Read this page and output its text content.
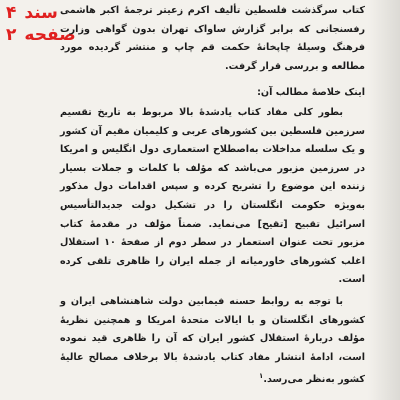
سند۴
صفحه۲
کتاب سرگذشت فلسطین تألیف اکرم زعیتر ترجمهٔ اکبر هاشمی رفسنجانی که برابر گزارش ساواک تهران بدون گواهی وزارت فرهنگ وسیلهٔ چاپخانهٔ حکمت قم چاپ و منتشر گردیده مورد مطالعه و بررسی قرار گرفت.
اینک خلاصهٔ مطالب آن:
بطور کلی مفاد کتاب یادشدهٔ بالا مربوط به تاریخ تقسیم سرزمین فلسطین بین کشورهای عربی و کلیمیان مقیم آن کشور و یک سلسله مداخلات به‌اصطلاح استعماری دول انگلیس و امریکا در سرزمین مزبور می‌باشد که مؤلف با کلمات و جملات بسیار زننده این موضوع را تشریح کرده و سپس اقدامات دول مذکور به‌ویژه حکومت انگلستان را در تشکیل دولت جدیدالتأسیس اسرائیل تقبیح [تقیح] می‌نماید. ضمناً مؤلف در مقدمهٔ کتاب مزبور تحت عنوان استعمار در سطر دوم از صفحهٔ ۱۰ استقلال اغلب کشورهای خاورمیانه از جمله ایران را ظاهری تلقی کرده است.
با توجه به روابط حسنه فیمابین دولت شاهنشاهی ایران و کشورهای انگلستان و با ایالات متحدهٔ امریکا و همچنین نظریهٔ مؤلف دربارهٔ استقلال کشور ایران که آن را ظاهری قید نموده است، ادامهٔ انتشار مفاد کتاب یادشدهٔ بالا برخلاف مصالح عالیهٔ کشور به‌نظر می‌رسد.$^۱$
